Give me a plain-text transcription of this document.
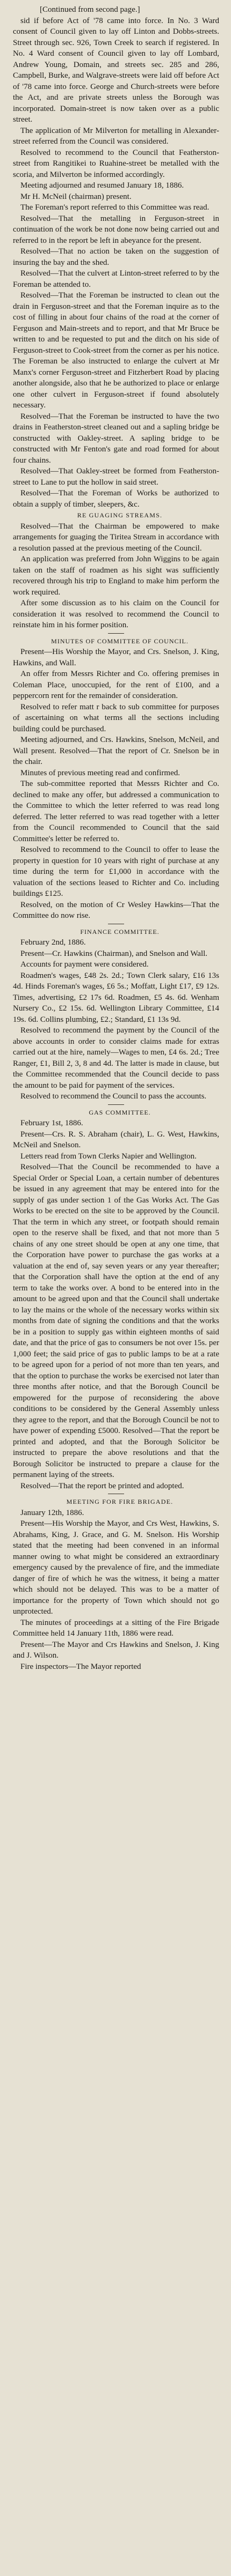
[Continued from second page.]

sid if before Act of '78 came into force. In No. 3 Ward consent of Council given to lay off Linton and Dobbs-streets. Street through sec. 926, Town Creek to search if registered. In No. 4 Ward consent of Council given to lay off Lombard, Andrew Young, Domain, and streets sec. 285 and 286, Campbell, Burke, and Walgrave-streets were laid off before Act of '78 came into force. George and Church-streets were before the Act, and are private streets unless the Borough was incorporated. Domain-street is now taken over as a public street.

The application of Mr Milverton for metalling in Alexander-street referred from the Council was considered.

Resolved to recommend to the Council that Featherston-street from Rangitikei to Ruahine-street be metalled with the scoria, and Milverton be informed accordingly.

Meeting adjourned and resumed January 18, 1886.

Mr H. McNeil (chairman) present.

The Foreman's report referred to this Committee was read.

Resolved—That the metalling in Ferguson-street in continuation of the work be not done now being carried out and referred to in the report be left in abeyance for the present.

Resolved—That no action be taken on the suggestion of insuring the bay and the shed.

Resolved—That the culvert at Linton-street referred to by the Foreman be attended to.

Resolved—That the Foreman be instructed to clean out the drain in Ferguson-street and that the Foreman inquire as to the cost of filling in about four chains of the road at the corner of Ferguson and Main-streets and to report, and that Mr Bruce be written to and be requested to put and the ditch on his side of Ferguson-street to Cook-street from the corner as per his notice. The Foreman be also instructed to enlarge the culvert at Mr Manx's corner Ferguson-street and Fitzherbert Road by placing another alongside, also that he be authorized to place or enlarge one other culvert in Ferguson-street if found absolutely necessary.

Resolved—That the Foreman be instructed to have the two drains in Featherston-street cleaned out and a sapling bridge be constructed with Oakley-street. A sapling bridge to be constructed with Mr Fenton's gate and road formed for about four chains.

Resolved—That Oakley-street be formed from Featherston-street to Lane to put the hollow in said street.

Resolved—That the Foreman of Works be authorized to obtain a supply of timber, sleepers, &c.

RE GUAGING STREAMS.

Resolved—That the Chairman be empowered to make arrangements for guaging the Tiritea Stream in accordance with a resolution passed at the previous meeting of the Council.

An application was preferred from John Wiggins to be again taken on the staff of roadmen as his sight was sufficiently recovered through his trip to England to make him perform the work required.

After some discussion as to his claim on the Council for consideration it was resolved to recommend the Council to reinstate him in his former position.

MINUTES OF COMMITTEE OF COUNCIL.

Present—His Worship the Mayor, and Crs. Snelson, J. King, Hawkins, and Wall.

An offer from Messrs Richter and Co. offering premises in Coleman Place, unoccupied, for the rent of £100, and a peppercorn rent for the remainder of consideration.

Resolved to refer matt r back to sub committee for purposes of ascertaining on what terms all the sections including building could be purchased.

Meeting adjourned, and Crs. Hawkins, Snelson, McNeil, and Wall present. Resolved—That the report of Cr. Snelson be in the chair.

Minutes of previous meeting read and confirmed.

The sub-committee reported that Messrs Richter and Co. declined to make any offer, but addressed a communication to the Committee to which the letter referred to was read long deferred. The letter referred to was read together with a letter from the Council recommended to Council that the said Committee's letter be referred to.

Resolved to recommend to the Council to offer to lease the property in question for 10 years with right of purchase at any time during the term for £1,000 in accordance with the valuation of the sections leased to Richter and Co. including buildings £125.

Resolved, on the motion of Cr Wesley Hawkins—That the Committee do now rise.

FINANCE COMMITTEE.

February 2nd, 1886.

Present—Cr. Hawkins (Chairman), and Snelson and Wall.

Accounts for payment were considered.

Roadmen's wages, £48 2s. 2d.; Town Clerk salary, £16 13s 4d. Hinds Foreman's wages, £6 5s.; Moffatt, Light £17, £9 12s. Times, advertising, £2 17s 6d. Roadmen, £5 4s. 6d. Wenham Nursery Co., £2 15s. 6d. Wellington Library Committee, £14 19s. 6d. Collins plumbing, £2.; Standard, £1 13s 9d.

Resolved to recommend the payment by the Council of the above accounts in order to consider claims made for extras carried out at the hire, namely—Wages to men, £4 6s. 2d.; Tree Ranger, £1, Bill 2, 3, 8 and 4d. The latter is made in clause, but the Committee recommended that the Council decide to pass the amount to be paid for payment of the services.

Resolved to recommend the Council to pass the accounts.

GAS COMMITTEE.

February 1st, 1886.

Present—Crs. R. S. Abraham (chair), L. G. West, Hawkins, McNeil and Snelson.

Letters read from Town Clerks Napier and Wellington.

Resolved—That the Council be recommended to have a Special Order or Special Loan, a certain number of debentures be issued in any agreement that may be entered into for the supply of gas under section 1 of the Gas Works Act. The Gas Works to be erected on the site to be approved by the Council. That the term in which any street, or footpath should remain open to the reserve shall be fixed, and that not more than 5 chains of any one street should be open at any one time, that the Corporation have power to purchase the gas works at a valuation at the end of, say seven years or any year thereafter; that the Corporation shall have the option at the end of any term to take the works over. A bond to be entered into in the amount to be agreed upon and that the Council shall undertake to lay the mains or the whole of the necessary works within six months from date of signing the conditions and that the works be in a position to supply gas within eighteen months of said date, and that the price of gas to consumers be not over 15s. per 1,000 feet; the said price of gas to public lamps to be at a rate to be agreed upon for a period of not more than ten years, and that the option to purchase the works be exercised not later than three months after notice, and that the Borough Council be empowered for the purpose of reconsidering the above conditions to be considered by the General Assembly unless they agree to the report, and that the Borough Council be not to have power of expending £5000. Resolved—That the report be printed and adopted, and that the Borough Solicitor be instructed to prepare the above resolutions and that the Borough Solicitor be instructed to prepare a clause for the permanent laying of the streets.

Resolved—That the report be printed and adopted.

MEETING FOR FIRE BRIGADE.

January 12th, 1886.

Present—His Worship the Mayor, and Crs West, Hawkins, S. Abrahams, King, J. Grace, and G. M. Snelson. His Worship stated that the meeting had been convened in an informal manner owing to what might be considered an extraordinary emergency caused by the prevalence of fire, and the immediate danger of fire of which he was the witness, it being a matter which should not be delayed. This was to be a matter of importance for the property of Town which should not go unprotected.

The minutes of proceedings at a sitting of the Fire Brigade Committee held 14 January 11th, 1886 were read.

Present—The Mayor and Crs Hawkins and Snelson, J. King and J. Wilson.

Fire inspectors—The Mayor reported
